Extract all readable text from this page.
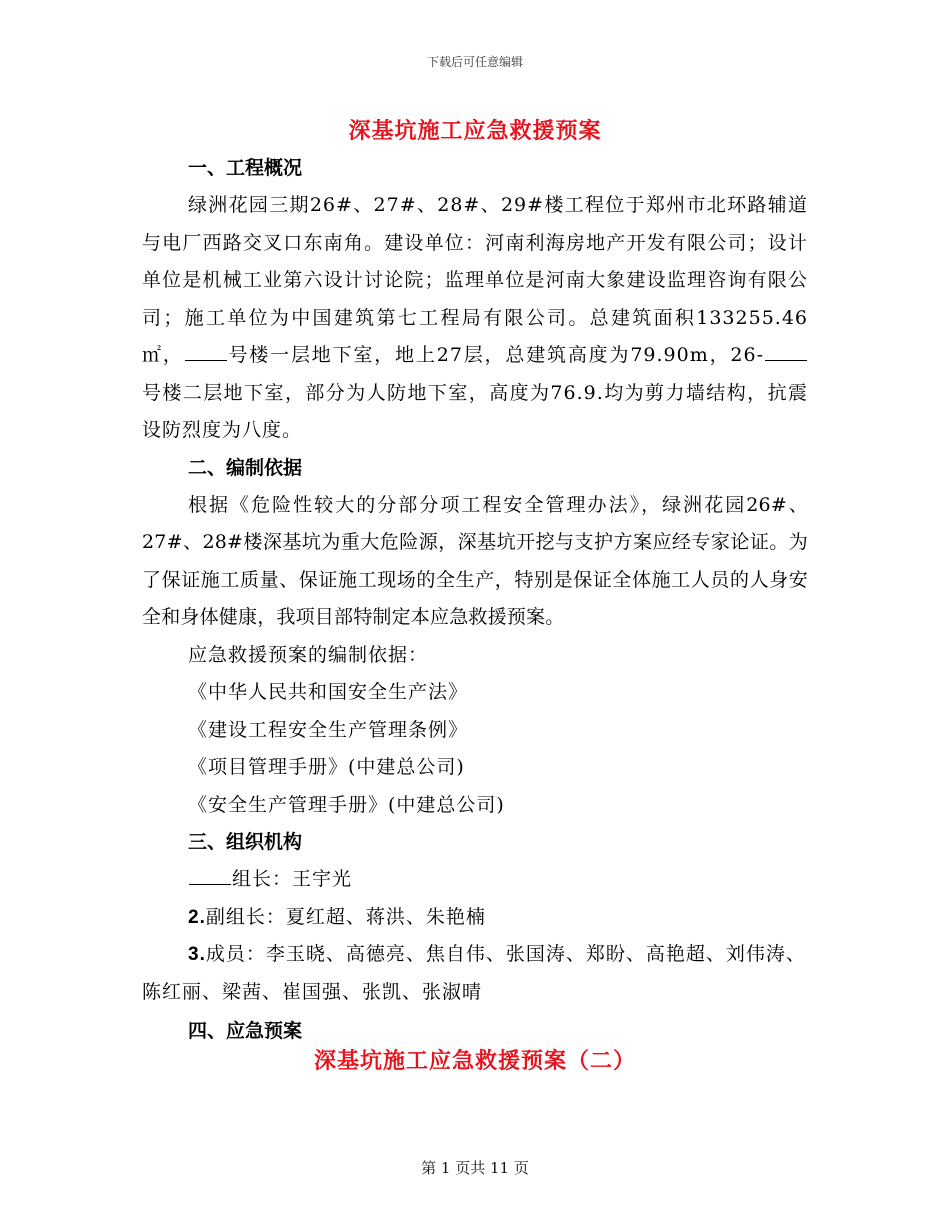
下载后可任意编辑
深基坑施工应急救援预案
一、工程概况

绿洲花园三期26#、27#、28#、29#楼工程位于郑州市北环路辅道与电厂西路交叉口东南角。建设单位：河南利海房地产开发有限公司；设计单位是机械工业第六设计讨论院；监理单位是河南大象建设监理咨询有限公司；施工单位为中国建筑第七工程局有限公司。总建筑面积133255.46㎡， 号楼一层地下室，地上27层，总建筑高度为79.90m，26-号楼二层地下室，部分为人防地下室，高度为76.9.均为剪力墙结构，抗震设防烈度为八度。

二、编制依据

根据《危险性较大的分部分项工程安全管理办法》，绿洲花园26#、27#、28#楼深基坑为重大危险源，深基坑开挖与支护方案应经专家论证。为了保证施工质量、保证施工现场的全生产，特别是保证全体施工人员的人身安全和身体健康，我项目部特制定本应急救援预案。

应急救援预案的编制依据：
《中华人民共和国安全生产法》
《建设工程安全生产管理条例》
《项目管理手册》(中建总公司)
《安全生产管理手册》(中建总公司)
三、组织机构
组长：王宇光
2.副组长：夏红超、蒋洪、朱艳楠

3.成员：李玉晓、高德亮、焦自伟、张国涛、郑盼、高艳超、刘伟涛、陈红丽、梁茜、崔国强、张凯、张淑晴

四、应急预案
深基坑施工应急救援预案（二）
第 1 页共 11 页
